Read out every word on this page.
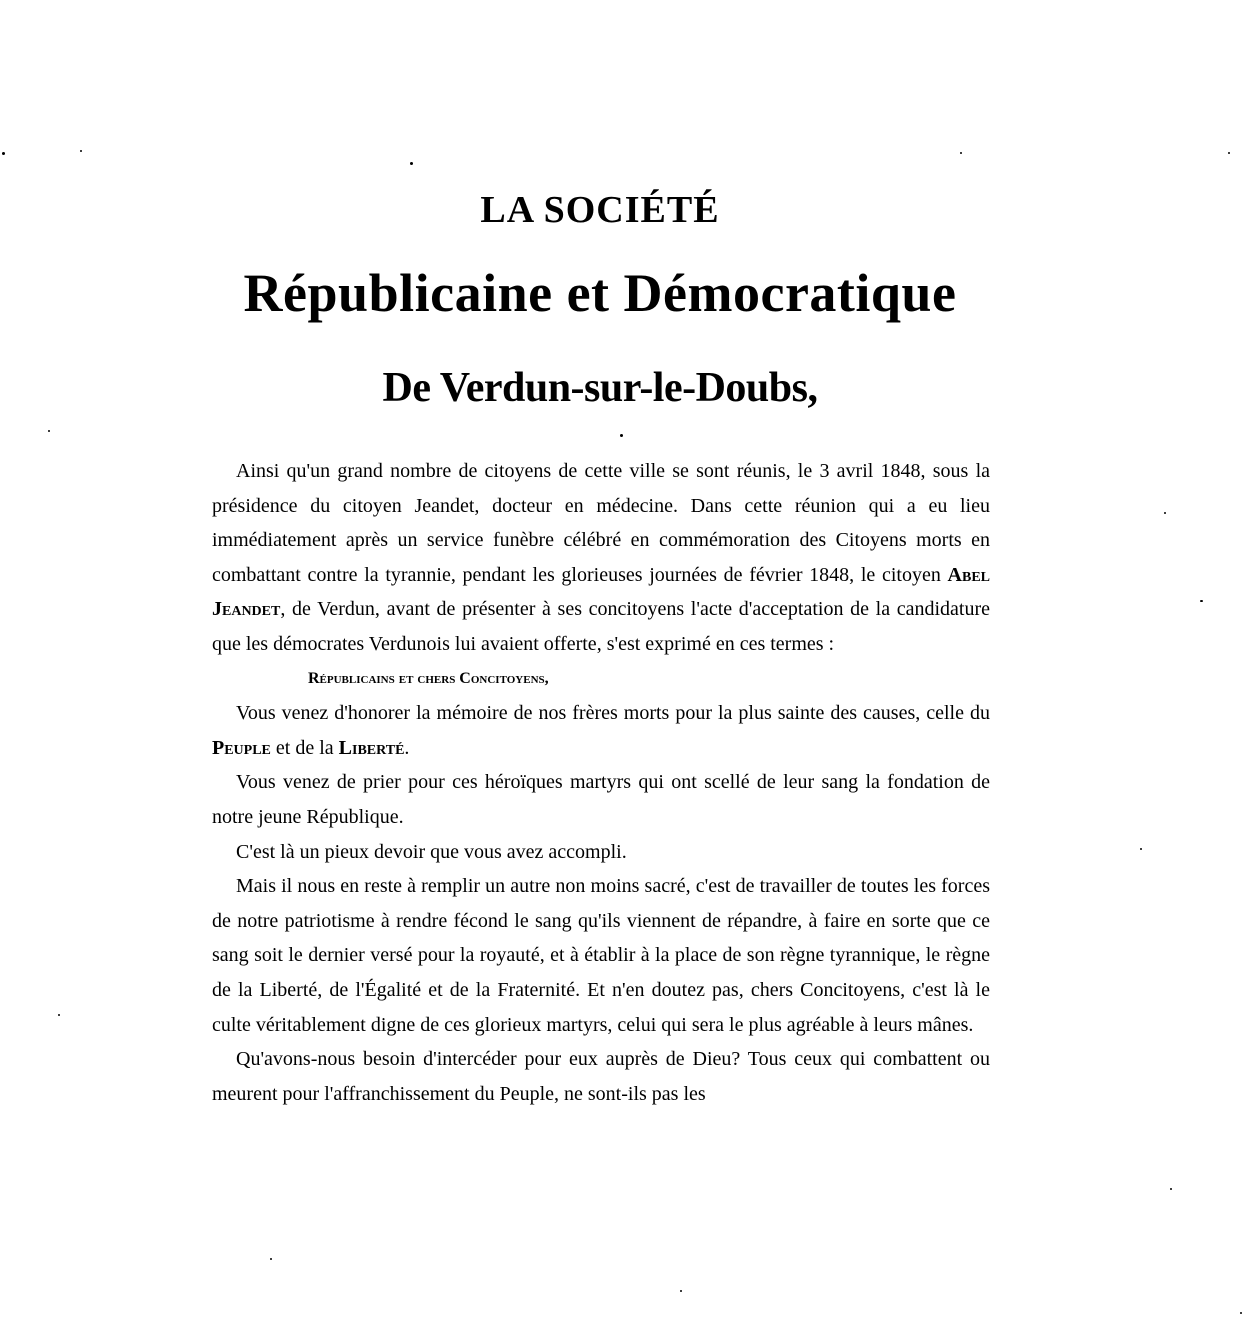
LA SOCIÉTÉ
Républicaine et Démocratique
De Verdun-sur-le-Doubs,

Ainsi qu'un grand nombre de citoyens de cette ville se sont réunis, le 3 avril 1848, sous la présidence du citoyen Jeandet, docteur en médecine. Dans cette réunion qui a eu lieu immédiatement après un service funèbre célébré en commémoration des Citoyens morts en combattant contre la tyrannie, pendant les glorieuses journées de février 1848, le citoyen Abel Jeandet, de Verdun, avant de présenter à ses concitoyens l'acte d'acceptation de la candidature que les démocrates Verdunois lui avaient offerte, s'est exprimé en ces termes :

Républicains et chers Concitoyens,

Vous venez d'honorer la mémoire de nos frères morts pour la plus sainte des causes, celle du Peuple et de la Liberté.

Vous venez de prier pour ces héroïques martyrs qui ont scellé de leur sang la fondation de notre jeune République.

C'est là un pieux devoir que vous avez accompli.

Mais il nous en reste à remplir un autre non moins sacré, c'est de travailler de toutes les forces de notre patriotisme à rendre fécond le sang qu'ils viennent de répandre, à faire en sorte que ce sang soit le dernier versé pour la royauté, et à établir à la place de son règne tyrannique, le règne de la Liberté, de l'Égalité et de la Fraternité. Et n'en doutez pas, chers Concitoyens, c'est là le culte véritablement digne de ces glorieux martyrs, celui qui sera le plus agréable à leurs mânes.

Qu'avons-nous besoin d'intercéder pour eux auprès de Dieu? Tous ceux qui combattent ou meurent pour l'affranchissement du Peuple, ne sont-ils pas les
